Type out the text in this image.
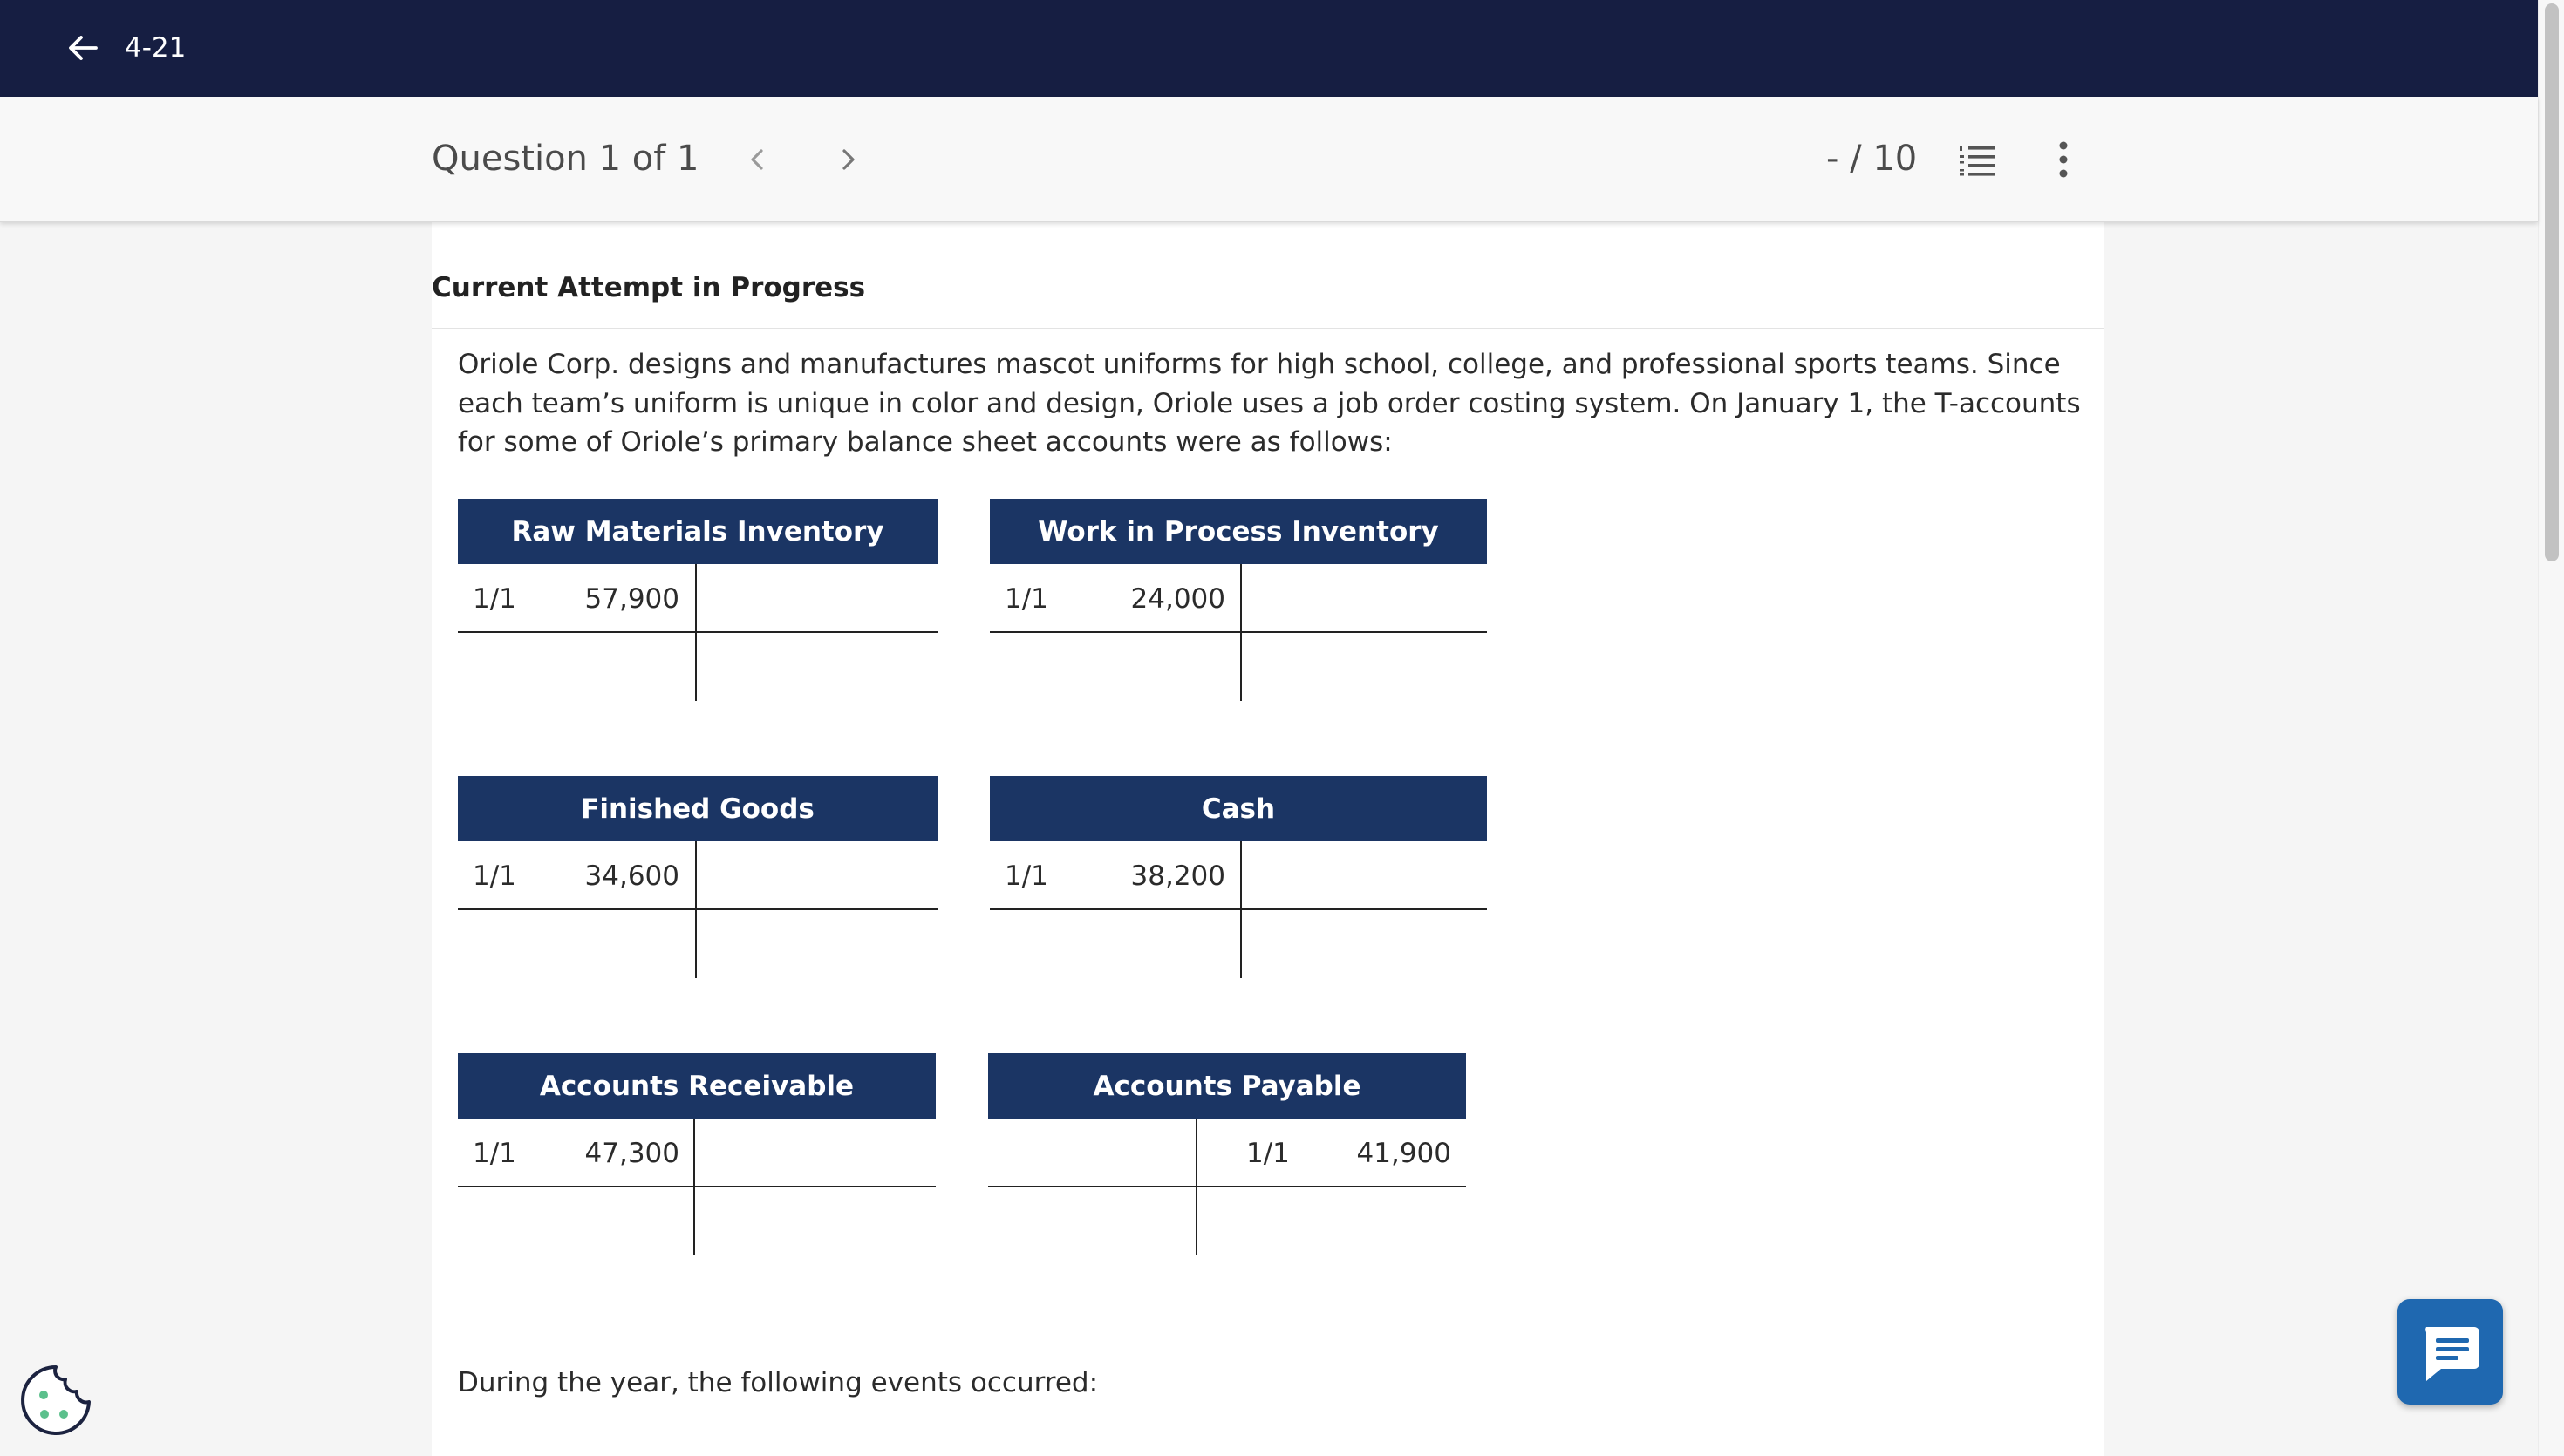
4-21
Question 1 of 1	- / 10
Current Attempt in Progress
Oriole Corp. designs and manufactures mascot uniforms for high school, college, and professional sports teams. Since each team’s uniform is unique in color and design, Oriole uses a job order costing system. On January 1, the T-accounts for some of Oriole’s primary balance sheet accounts were as follows:
Raw Materials Inventory
1/1	57,900
Work in Process Inventory
1/1	24,000
Finished Goods
1/1	34,600
Cash
1/1	38,200
Accounts Receivable
1/1	47,300
Accounts Payable
1/1	41,900
During the year, the following events occurred:
